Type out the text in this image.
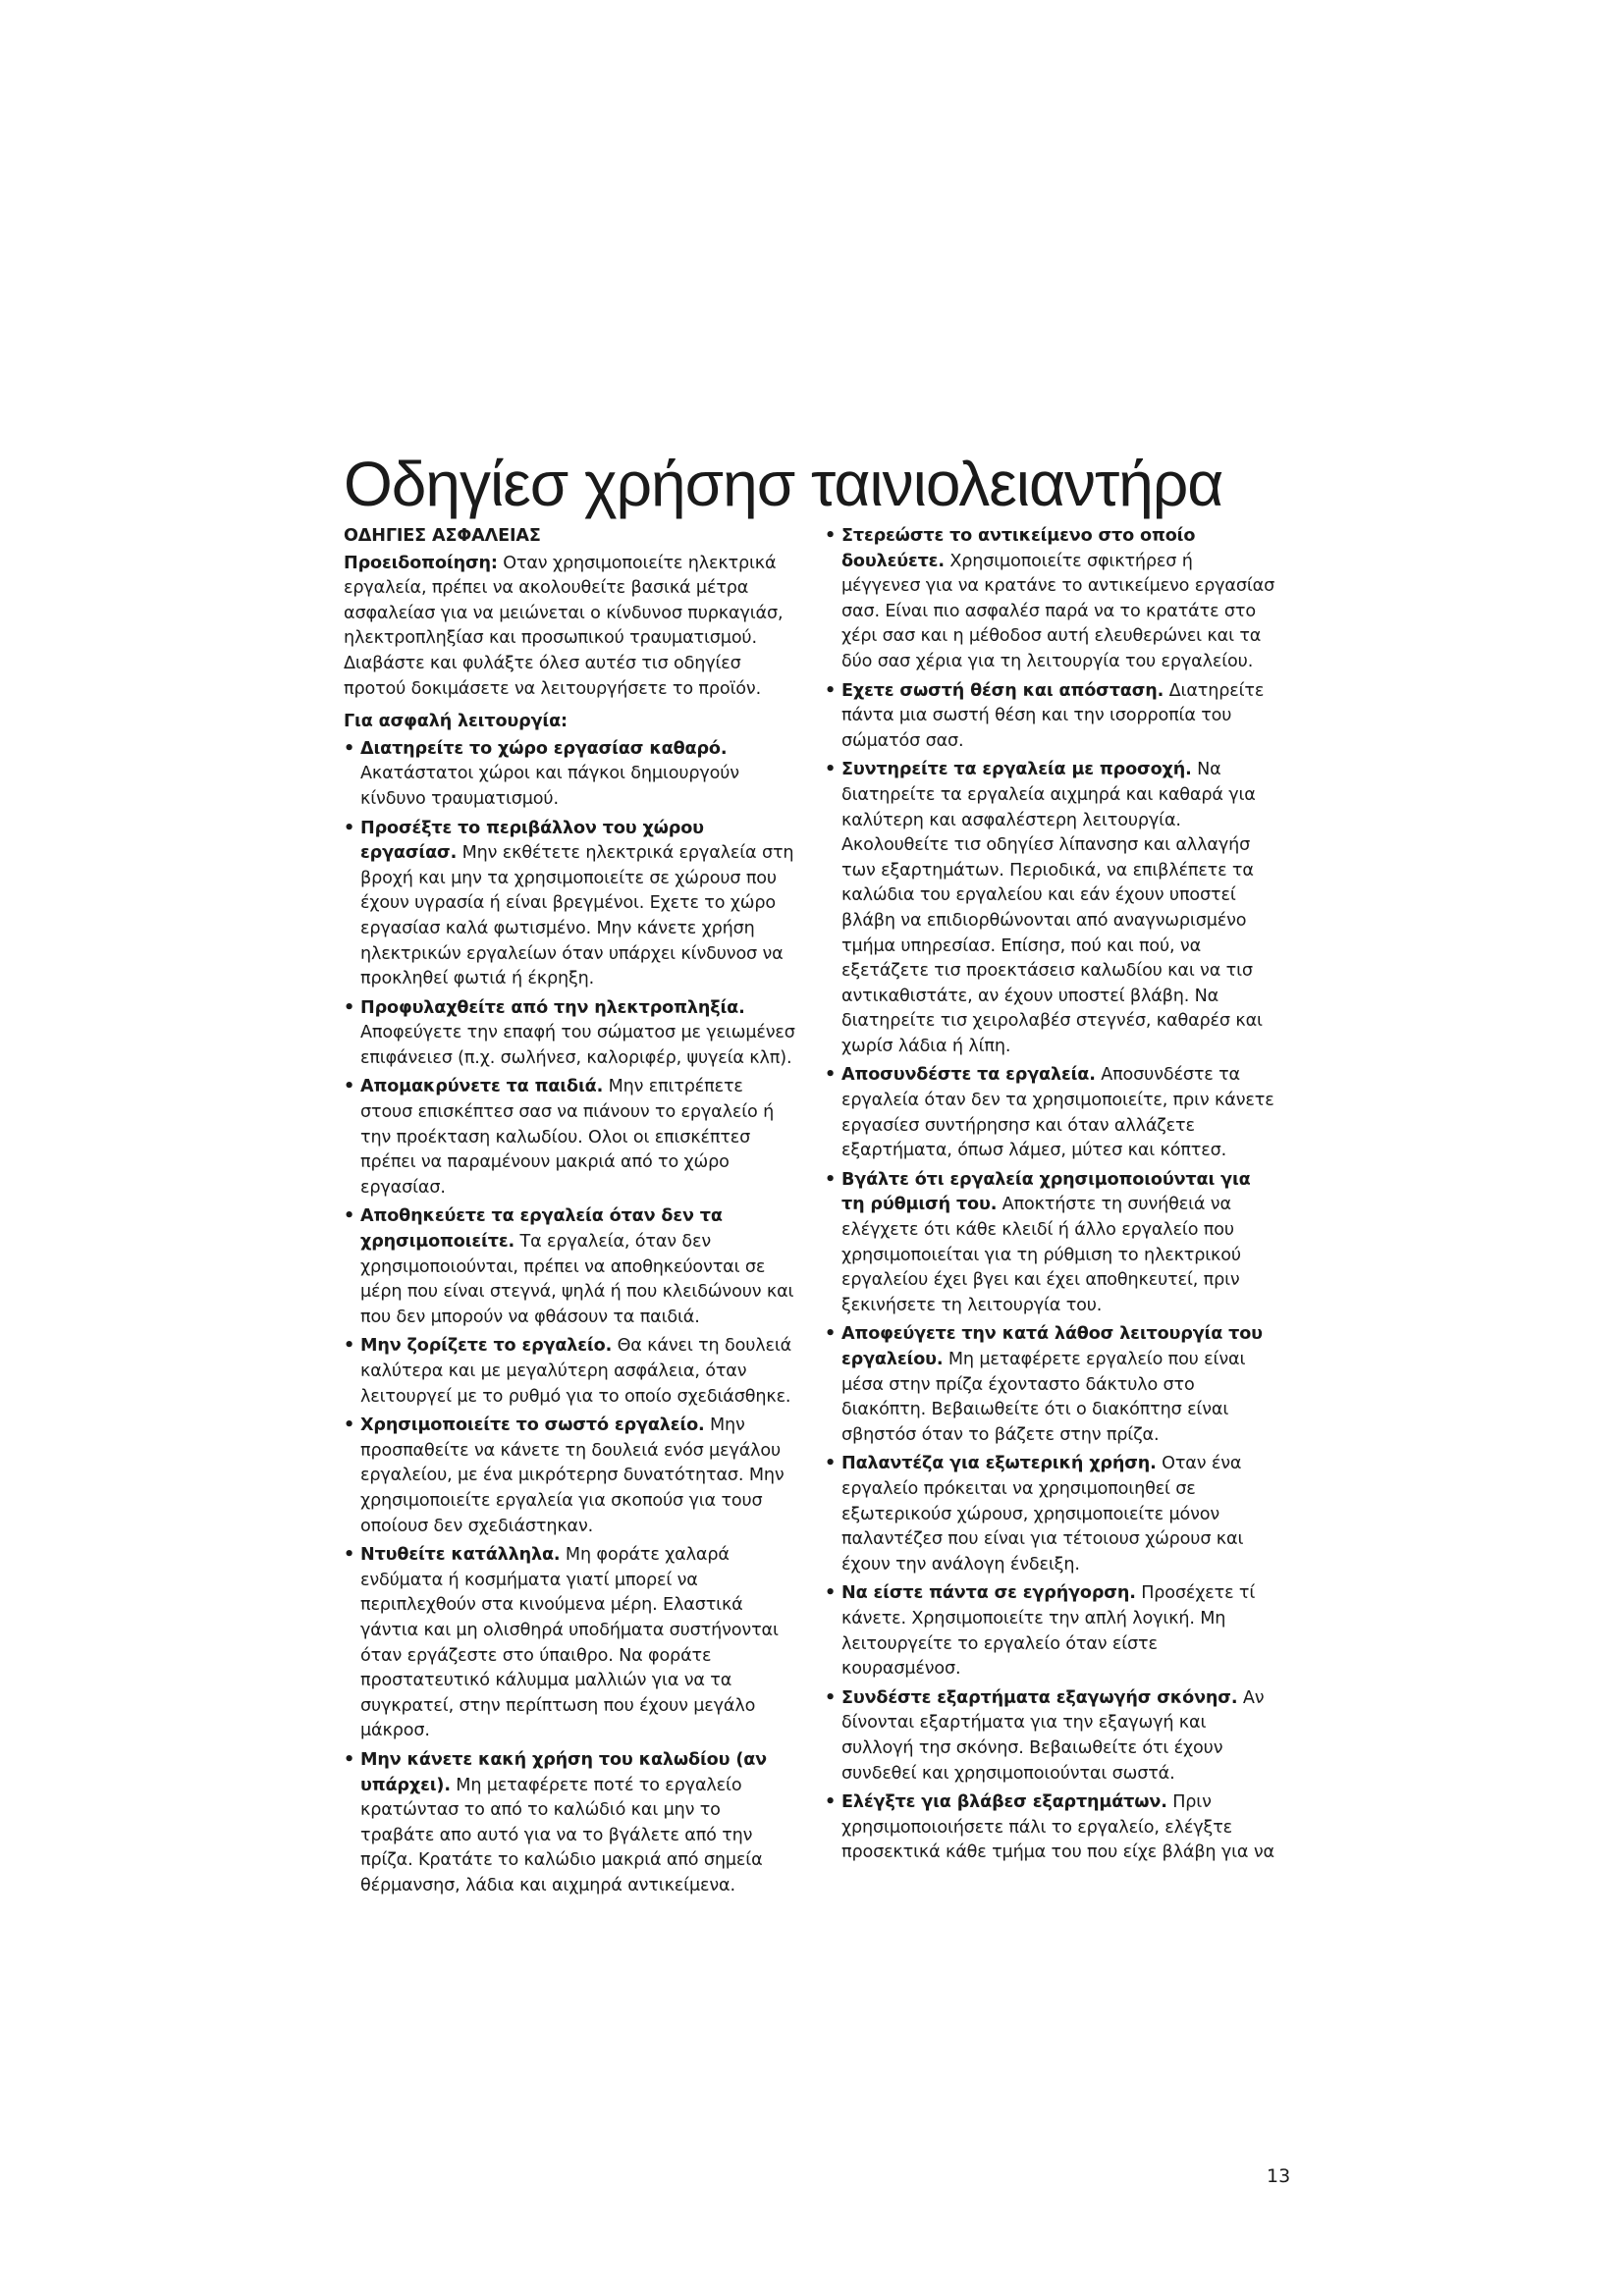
Οδηγίεσ χρήσησ ταινιολειαντήρα
ΟΔΗΓΙΕΣ ΑΣΦΑΛΕΙΑΣ

Προειδοποίηση: Οταν χρησιμοποιείτε ηλεκτρικά εργαλεία, πρέπει να ακολουθείτε βασικά μέτρα ασφαλείασ για να μειώνεται ο κίνδυνοσ πυρκαγιάσ, ηλεκτροπληξίασ και προσωπικού τραυματισμού. Διαβάστε και φυλάξτε όλεσ αυτέσ τισ οδηγίεσ προτού δοκιμάσετε να λειτουργήσετε το προϊόν.

Για ασφαλή λειτουργία:
• Διατηρείτε το χώρο εργασίασ καθαρό. Ακατάστατοι χώροι και πάγκοι δημιουργούν κίνδυνο τραυματισμού.
• Προσέξτε το περιβάλλον του χώρου εργασίασ. Μην εκθέτετε ηλεκτρικά εργαλεία στη βροχή και μην τα χρησιμοποιείτε σε χώρουσ που έχουν υγρασία ή είναι βρεγμένοι. Εχετε το χώρο εργασίασ καλά φωτισμένο. Μην κάνετε χρήση ηλεκτρικών εργαλείων όταν υπάρχει κίνδυνοσ να προκληθεί φωτιά ή έκρηξη.
• Προφυλαχθείτε από την ηλεκτροπληξία. Αποφεύγετε την επαφή του σώματοσ με γειωμένεσ επιφάνειεσ (π.χ. σωλήνεσ, καλοριφέρ, ψυγεία κλπ).
• Απομακρύνετε τα παιδιά. Μην επιτρέπετε στουσ επισκέπτεσ σασ να πιάνουν το εργαλείο ή την προέκταση καλωδίου. Ολοι οι επισκέπτεσ πρέπει να παραμένουν μακριά από το χώρο εργασίασ.
• Αποθηκεύετε τα εργαλεία όταν δεν τα χρησιμοποιείτε. Τα εργαλεία, όταν δεν χρησιμοποιούνται, πρέπει να αποθηκεύονται σε μέρη που είναι στεγνά, ψηλά ή που κλειδώνουν και που δεν μπορούν να φθάσουν τα παιδιά.
• Μην ζορίζετε το εργαλείο. Θα κάνει τη δουλειά καλύτερα και με μεγαλύτερη ασφάλεια, όταν λειτουργεί με το ρυθμό για το οποίο σχεδιάσθηκε.
• Χρησιμοποιείτε το σωστό εργαλείο. Μην προσπαθείτε να κάνετε τη δουλειά ενόσ μεγάλου εργαλείου, με ένα μικρότερησ δυνατότητασ. Μην χρησιμοποιείτε εργαλεία για σκοπούσ για τουσ οποίουσ δεν σχεδιάστηκαν.
• Ντυθείτε κατάλληλα. Μη φοράτε χαλαρά ενδύματα ή κοσμήματα γιατί μπορεί να περιπλεχθούν στα κινούμενα μέρη. Ελαστικά γάντια και μη ολισθηρά υποδήματα συστήνονται όταν εργάζεστε στο ύπαιθρο. Να φοράτε προστατευτικό κάλυμμα μαλλιών για να τα συγκρατεί, στην περίπτωση που έχουν μεγάλο μάκροσ.
• Μην κάνετε κακή χρήση του καλωδίου (αν υπάρχει). Μη μεταφέρετε ποτέ το εργαλείο κρατώντασ το από το καλώδιό και μην το τραβάτε απο αυτό για να το βγάλετε από την πρίζα. Κρατάτε το καλώδιο μακριά από σημεία θέρμανσησ, λάδια και αιχμηρά αντικείμενα.
• Στερεώστε το αντικείμενο στο οποίο δουλεύετε. Χρησιμοποιείτε σφικτήρεσ ή μέγγενεσ για να κρατάνε το αντικείμενο εργασίασ σασ. Είναι πιο ασφαλέσ παρά να το κρατάτε στο χέρι σασ και η μέθοδοσ αυτή ελευθερώνει και τα δύο σασ χέρια για τη λειτουργία του εργαλείου.
• Εχετε σωστή θέση και απόσταση. Διατηρείτε πάντα μια σωστή θέση και την ισορροπία του σώματόσ σασ.
• Συντηρείτε τα εργαλεία με προσοχή. Να διατηρείτε τα εργαλεία αιχμηρά και καθαρά για καλύτερη και ασφαλέστερη λειτουργία. Ακολουθείτε τισ οδηγίεσ λίπανσησ και αλλαγήσ των εξαρτημάτων. Περιοδικά, να επιβλέπετε τα καλώδια του εργαλείου και εάν έχουν υποστεί βλάβη να επιδιορθώνονται από αναγνωρισμένο τμήμα υπηρεσίασ. Επίσησ, πού και πού, να εξετάζετε τισ προεκτάσεισ καλωδίου και να τισ αντικαθιστάτε, αν έχουν υποστεί βλάβη. Να διατηρείτε τισ χειρολαβέσ στεγνέσ, καθαρέσ και χωρίσ λάδια ή λίπη.
• Αποσυνδέστε τα εργαλεία. Αποσυνδέστε τα εργαλεία όταν δεν τα χρησιμοποιείτε, πριν κάνετε εργασίεσ συντήρησησ και όταν αλλάζετε εξαρτήματα, όπωσ λάμεσ, μύτεσ και κόπτεσ.
• Βγάλτε ότι εργαλεία χρησιμοποιούνται για τη ρύθμισή του. Αποκτήστε τη συνήθειά να ελέγχετε ότι κάθε κλειδί ή άλλο εργαλείο που χρησιμοποιείται για τη ρύθμιση το ηλεκτρικού εργαλείου έχει βγει και έχει αποθηκευτεί, πριν ξεκινήσετε τη λειτουργία του.
• Αποφεύγετε την κατά λάθοσ λειτουργία του εργαλείου. Μη μεταφέρετε εργαλείο που είναι μέσα στην πρίζα έχονταστο δάκτυλο στο διακόπτη. Βεβαιωθείτε ότι ο διακόπτησ είναι σβηστόσ όταν το βάζετε στην πρίζα.
• Παλαντέζα για εξωτερική χρήση. Οταν ένα εργαλείο πρόκειται να χρησιμοποιηθεί σε εξωτερικούσ χώρουσ, χρησιμοποιείτε μόνον παλαντέζεσ που είναι για τέτοιουσ χώρουσ και έχουν την ανάλογη ένδειξη.
• Να είστε πάντα σε εγρήγορση. Προσέχετε τί κάνετε. Χρησιμοποιείτε την απλή λογική. Μη λειτουργείτε το εργαλείο όταν είστε κουρασμένοσ.
• Συνδέστε εξαρτήματα εξαγωγήσ σκόνησ. Αν δίνονται εξαρτήματα για την εξαγωγή και συλλογή τησ σκόνησ. Βεβαιωθείτε ότι έχουν συνδεθεί και χρησιμοποιούνται σωστά.
• Ελέγξτε για βλάβεσ εξαρτημάτων. Πριν χρησιμοποιοιήσετε πάλι το εργαλείο, ελέγξτε προσεκτικά κάθε τμήμα του που είχε βλάβη για να
13
